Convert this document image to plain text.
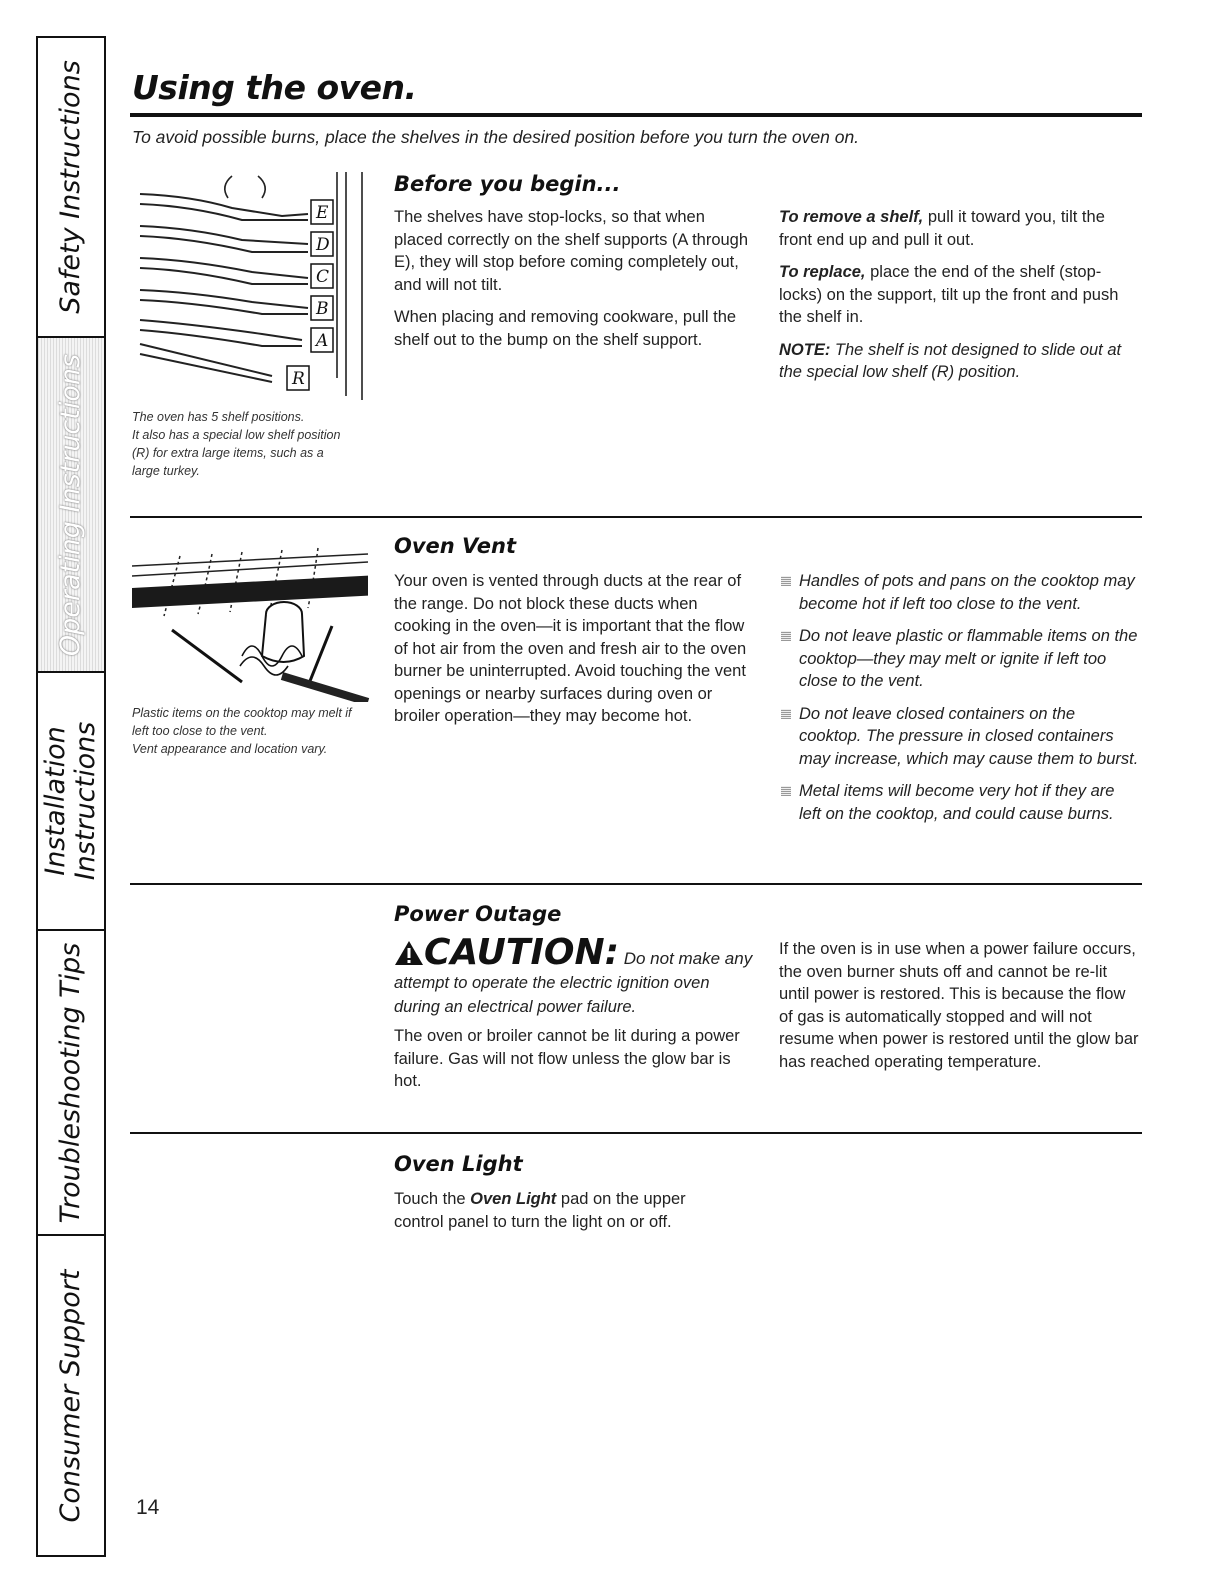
Safety Instructions
Operating Instructions
Installation Instructions
Troubleshooting Tips
Consumer Support
Using the oven.
To avoid possible burns, place the shelves in the desired position before you turn the oven on.
E
D
C
B
A
R

The oven has 5 shelf positions.

It also has a special low shelf position (R) for extra large items, such as a large turkey.

Before you begin...

The shelves have stop-locks, so that when placed correctly on the shelf supports (A through E), they will stop before coming completely out, and will not tilt.

When placing and removing cookware, pull the shelf out to the bump on the shelf support.

To remove a shelf, pull it toward you, tilt the front end up and pull it out.

To replace, place the end of the shelf (stop-locks) on the support, tilt up the front and push the shelf in.

NOTE: The shelf is not designed to slide out at the special low shelf (R) position.

Plastic items on the cooktop may melt if left too close to the vent.

Vent appearance and location vary.

Oven Vent
Your oven is vented through ducts at the rear of the range. Do not block these ducts when cooking in the oven—it is important that the flow of hot air from the oven and fresh air to the oven burner be uninterrupted. Avoid touching the vent openings or nearby surfaces during oven or broiler operation—they may become hot.
Handles of pots and pans on the cooktop may become hot if left too close to the vent.
Do not leave plastic or flammable items on the cooktop—they may melt or ignite if left too close to the vent.
Do not leave closed containers on the cooktop. The pressure in closed containers may increase, which may cause them to burst.
Metal items will become very hot if they are left on the cooktop, and could cause burns.
Power Outage

CAUTION: Do not make any
attempt to operate the electric ignition oven during an electrical power failure.

The oven or broiler cannot be lit during a power failure. Gas will not flow unless the glow bar is hot.

If the oven is in use when a power failure occurs, the oven burner shuts off and cannot be re-lit until power is restored. This is because the flow of gas is automatically stopped and will not resume when power is restored until the glow bar has reached operating temperature.
Oven Light
Touch the Oven Light pad on the upper control panel to turn the light on or off.
14
